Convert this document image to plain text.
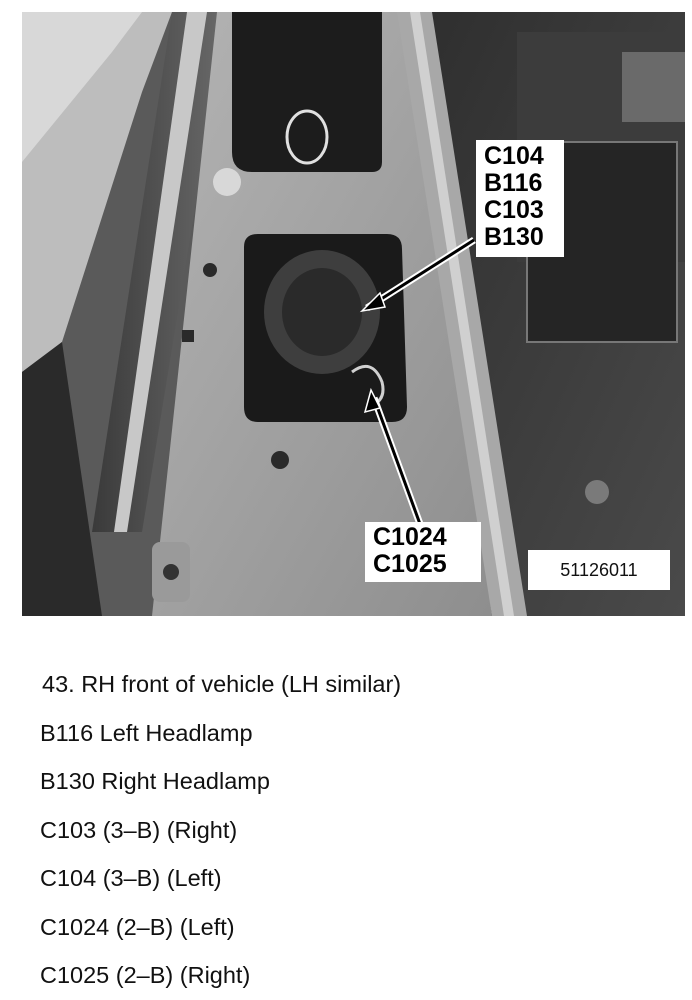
C104
B116
C103
B130
C1024
C1025	51126011
43. RH front of vehicle (LH similar)
B116 Left Headlamp
B130 Right Headlamp
C103 (3–B) (Right)
C104 (3–B) (Left)
C1024 (2–B) (Left)
C1025 (2–B) (Right)
